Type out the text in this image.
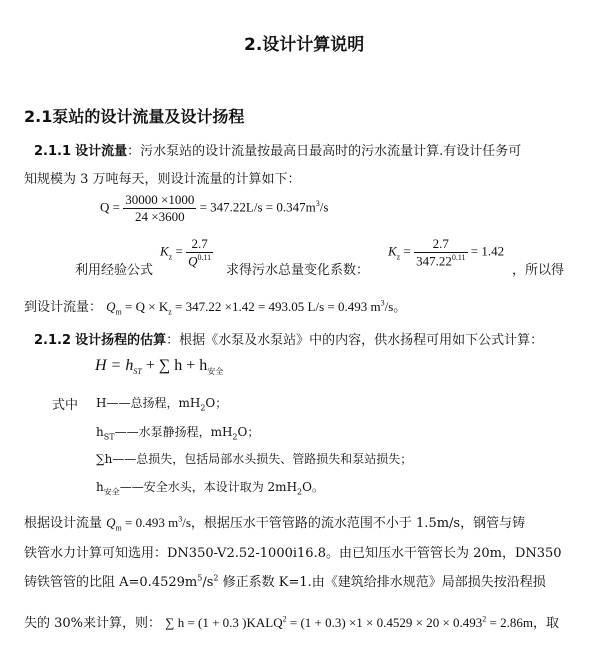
2.设计计算说明
2.1泵站的设计流量及设计扬程
2.1.1 设计流量：污水泵站的设计流量按最高日最高时的污水流量计算.有设计任务可
知规模为 3 万吨每天，则设计流量的计算如下：
$Q = \frac{30000 \times 1000}{24 \times 3600} = 347.22L/s = 0.347m^3/s$
利用经验公式
$K_z = \frac{2.7}{Q^{0.11}}$
求得污水总量变化系数：
$K_z = \frac{2.7}{347.22^{0.11}} = 1.42$
，所以得
到设计流量： $Q_m = Q \times K_z = 347.22 \times 1.42 = 493.05$ L/s = 0.493 $m^3/s$。
2.1.2 设计扬程的估算：根据《水泵及水泵站》中的内容，供水扬程可用如下公式计算：
$H = h_{ST}$ + ∑ $h + h_{安全}$
式中 H——总扬程，$mH_2O$；
$h_{ST}——$水泵静扬程，$mH_2O$；
∑h——总损失，包括局部水头损失、管路损失和泵站损失；
$h_{安全}——$安全水头，本设计取为 $2mH_2O$。
根据设计流量 $Q_m = 0.493$ $m^3/s$，根据压水干管管路的流水范围不小于 1.5m/s，钢管与铸
铁管水力计算可知选用：DN350-V2.52-1000i16.8。由已知压水干管管长为 20m，DN350
铸铁管管的比阻 $A=0.4529m^5/s^2$ 修正系数 K=1.由《建筑给排水规范》局部损失按沿程损
失的 30%来计算，则： ∑ h = (1 + 0.3 )$KALQ^2 = (1 + 0.3) \times 1 \times 0.4529 \times 20 \times 0.493^2 = 2.86m$，取
